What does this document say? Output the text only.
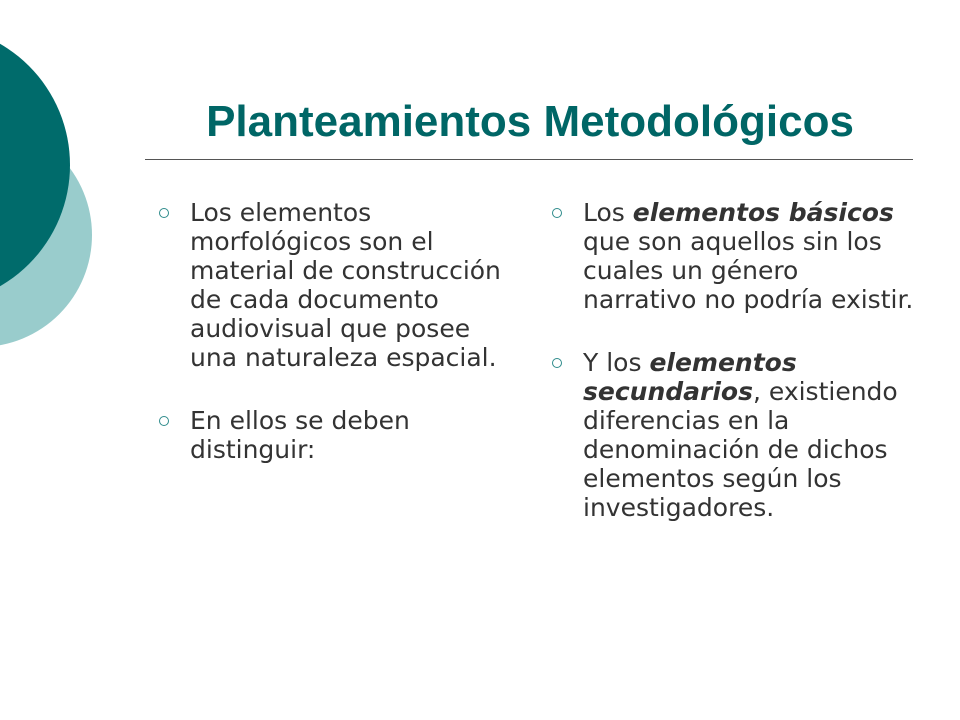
Planteamientos Metodológicos
Los elementos morfológicos son el material de construcción de cada documento audiovisual que posee una naturaleza espacial.
En ellos se deben distinguir:
Los elementos básicos que son aquellos sin los cuales un género narrativo no podría existir.
Y los elementos secundarios, existiendo diferencias en la denominación de dichos elementos según los investigadores.
